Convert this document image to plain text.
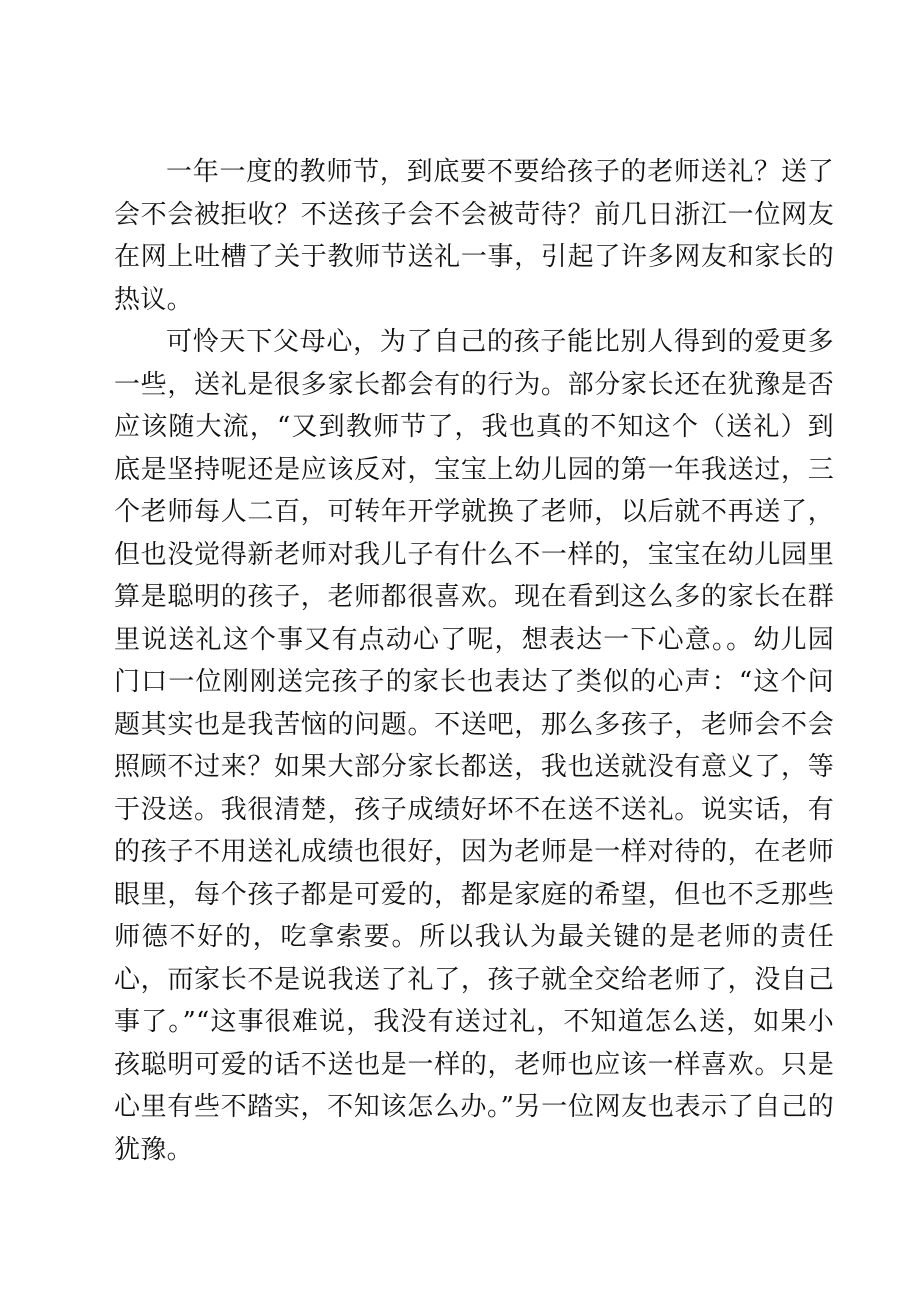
一年一度的教师节，到底要不要给孩子的老师送礼？送了会不会被拒收？不送孩子会不会被苛待？前几日浙江一位网友在网上吐槽了关于教师节送礼一事，引起了许多网友和家长的热议。

可怜天下父母心，为了自己的孩子能比别人得到的爱更多一些，送礼是很多家长都会有的行为。部分家长还在犹豫是否应该随大流，“又到教师节了，我也真的不知这个（送礼）到底是坚持呢还是应该反对，宝宝上幼儿园的第一年我送过，三个老师每人二百，可转年开学就换了老师，以后就不再送了，但也没觉得新老师对我儿子有什么不一样的，宝宝在幼儿园里算是聪明的孩子，老师都很喜欢。现在看到这么多的家长在群里说送礼这个事又有点动心了呢，想表达一下心意。。幼儿园门口一位刚刚送完孩子的家长也表达了类似的心声：“这个问题其实也是我苦恼的问题。不送吧，那么多孩子，老师会不会照顾不过来？如果大部分家长都送，我也送就没有意义了，等于没送。我很清楚，孩子成绩好坏不在送不送礼。说实话，有的孩子不用送礼成绩也很好，因为老师是一样对待的，在老师眼里，每个孩子都是可爱的，都是家庭的希望，但也不乏那些师德不好的，吃拿索要。所以我认为最关键的是老师的责任心，而家长不是说我送了礼了，孩子就全交给老师了，没自己事了。”“这事很难说，我没有送过礼，不知道怎么送，如果小孩聪明可爱的话不送也是一样的，老师也应该一样喜欢。只是心里有些不踏实，不知该怎么办。”另一位网友也表示了自己的犹豫。
